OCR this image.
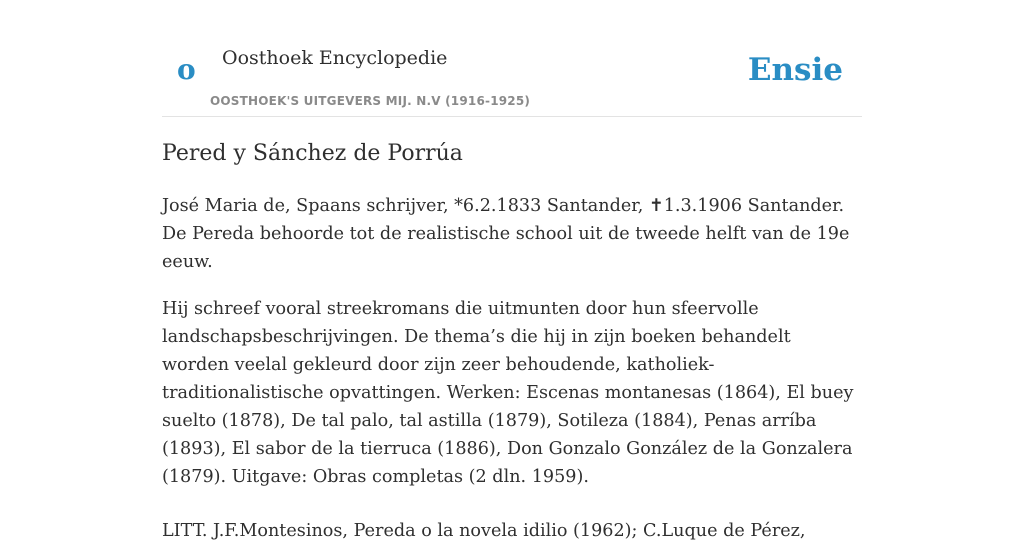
o Oosthoek Encyclopedie
OOSTHOEK'S UITGEVERS MIJ. N.V (1916-1925)
Ensie
Pered y Sánchez de Porrúa

José Maria de, Spaans schrijver, *6.2.1833 Santander, ✝1.3.1906 Santander. De Pereda behoorde tot de realistische school uit de tweede helft van de 19e eeuw.

Hij schreef vooral streekromans die uitmunten door hun sfeervolle landschapsbeschrijvingen. De thema’s die hij in zijn boeken behandelt worden veelal gekleurd door zijn zeer behoudende, katholiek-traditionalistische opvattingen. Werken: Escenas montanesas (1864), El buey suelto (1878), De tal palo, tal astilla (1879), Sotileza (1884), Penas arríba (1893), El sabor de la tierruca (1886), Don Gonzalo González de la Gonzalera (1879). Uitgave: Obras completas (2 dln. 1959).

LITT. J.F.Montesinos, Pereda o la novela idilio (1962); C.Luque de Pérez,
